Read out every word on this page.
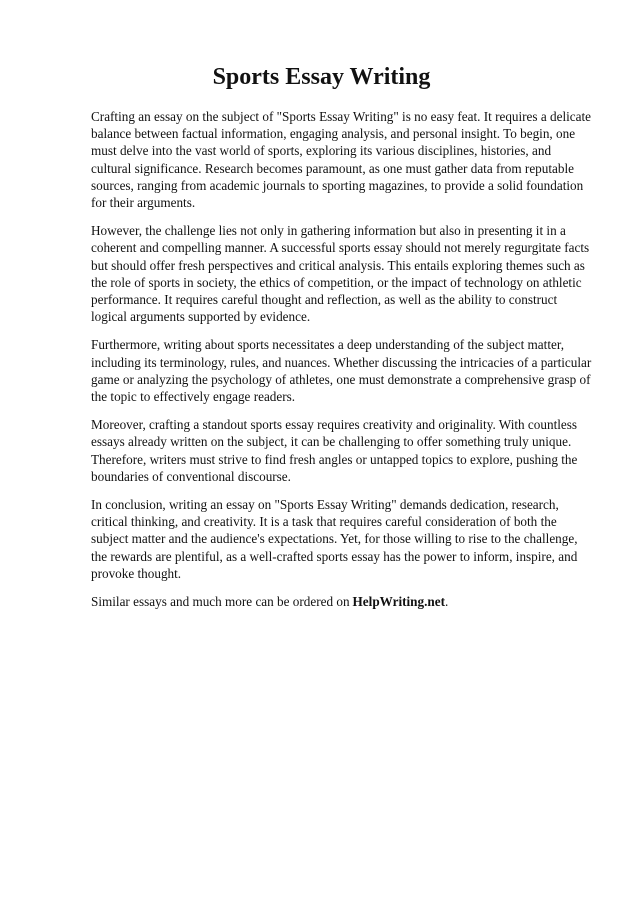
Sports Essay Writing

Crafting an essay on the subject of "Sports Essay Writing" is no easy feat. It requires a delicate balance between factual information, engaging analysis, and personal insight. To begin, one must delve into the vast world of sports, exploring its various disciplines, histories, and cultural significance. Research becomes paramount, as one must gather data from reputable sources, ranging from academic journals to sporting magazines, to provide a solid foundation for their arguments.

However, the challenge lies not only in gathering information but also in presenting it in a coherent and compelling manner. A successful sports essay should not merely regurgitate facts but should offer fresh perspectives and critical analysis. This entails exploring themes such as the role of sports in society, the ethics of competition, or the impact of technology on athletic performance. It requires careful thought and reflection, as well as the ability to construct logical arguments supported by evidence.

Furthermore, writing about sports necessitates a deep understanding of the subject matter, including its terminology, rules, and nuances. Whether discussing the intricacies of a particular game or analyzing the psychology of athletes, one must demonstrate a comprehensive grasp of the topic to effectively engage readers.

Moreover, crafting a standout sports essay requires creativity and originality. With countless essays already written on the subject, it can be challenging to offer something truly unique. Therefore, writers must strive to find fresh angles or untapped topics to explore, pushing the boundaries of conventional discourse.

In conclusion, writing an essay on "Sports Essay Writing" demands dedication, research, critical thinking, and creativity. It is a task that requires careful consideration of both the subject matter and the audience's expectations. Yet, for those willing to rise to the challenge, the rewards are plentiful, as a well-crafted sports essay has the power to inform, inspire, and provoke thought.

Similar essays and much more can be ordered on HelpWriting.net.
